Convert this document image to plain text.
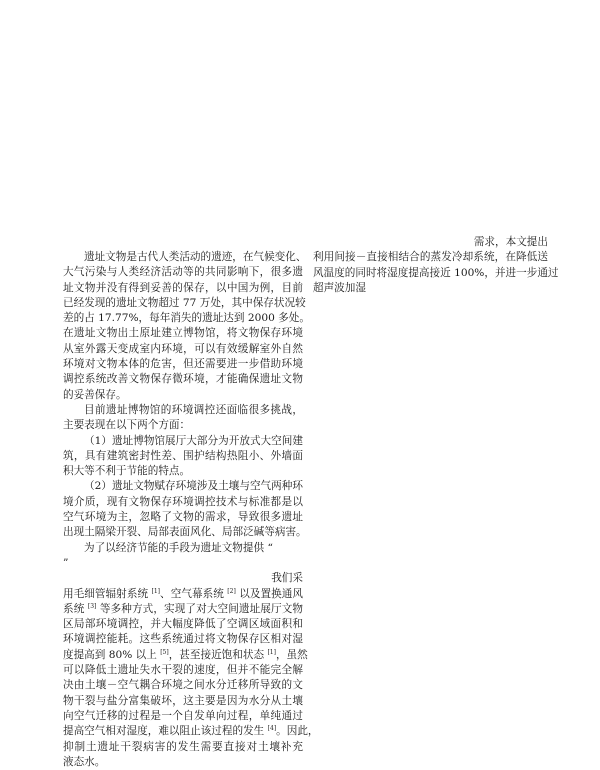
遗址文物是古代人类活动的遗迹，在气候变化、
大气污染与人类经济活动等的共同影响下，很多遗
址文物并没有得到妥善的保存，以中国为例，目前
已经发现的遗址文物超过 77 万处，其中保存状况较
差的占 17.77%，每年消失的遗址达到 2000 多处。
在遗址文物出土原址建立博物馆，将文物保存环境
从室外露天变成室内环境，可以有效缓解室外自然
环境对文物本体的危害，但还需要进一步借助环境
调控系统改善文物保存微环境，才能确保遗址文物
的妥善保存。
目前遗址博物馆的环境调控还面临很多挑战，
主要表现在以下两个方面：
（1）遗址博物馆展厅大部分为开放式大空间建
筑，具有建筑密封性差、围护结构热阻小、外墙面
积大等不利于节能的特点。
（2）遗址文物赋存环境涉及土壤与空气两种环
境介质，现有文物保存环境调控技术与标准都是以
空气环境为主，忽略了文物的需求，导致很多遗址
出现土隔梁开裂、局部表面风化、局部泛碱等病害。
为了以经济节能的手段为遗址文物提供 “
”
我们采
用毛细管辐射系统 [1]、空气幕系统 [2] 以及置换通风
系统 [3] 等多种方式，实现了对大空间遗址展厅文物
区局部环境调控，并大幅度降低了空调区域面积和
环境调控能耗。这些系统通过将文物保存区相对湿
度提高到 80% 以上 [5]，甚至接近饱和状态 [1]，虽然
可以降低土遗址失水干裂的速度，但并不能完全解
决由土壤－空气耦合环境之间水分迁移所导致的文
物干裂与盐分富集破坏，这主要是因为水分从土壤
向空气迁移的过程是一个自发单向过程，单纯通过
提高空气相对湿度，难以阻止该过程的发生 [4]。因此，
抑制土遗址干裂病害的发生需要直接对土壤补充
液态水。
需求，本文提出
利用间接－直接相结合的蒸发冷却系统，在降低送
风温度的同时将湿度提高接近 100%，并进一步通过
超声波加湿
